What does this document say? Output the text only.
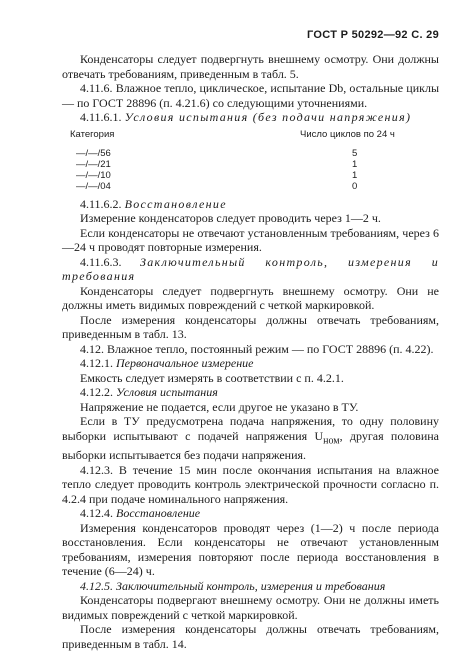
ГОСТ Р 50292—92 С. 29

Конденсаторы следует подвергнуть внешнему осмотру. Они должны отвечать требованиям, приведенным в табл. 5.

4.11.6. Влажное тепло, циклическое, испытание Db, остальные циклы — по ГОСТ 28896 (п. 4.21.6) со следующими уточнениями.

4.11.6.1. Условия испытания (без подачи напряжения)

Категория	Число циклов по 24 ч
—/—/56	5
—/—/21	1
—/—/10	1
—/—/04	0

4.11.6.2. Восстановление

Измерение конденсаторов следует проводить через 1—2 ч.

Если конденсаторы не отвечают установленным требованиям, через 6—24 ч проводят повторные измерения.

4.11.6.3. Заключительный контроль, измерения и требования

Конденсаторы следует подвергнуть внешнему осмотру. Они не должны иметь видимых повреждений с четкой маркировкой.

После измерения конденсаторы должны отвечать требованиям, приведенным в табл. 13.

4.12. Влажное тепло, постоянный режим — по ГОСТ 28896 (п. 4.22).

4.12.1. Первоначальное измерение

Емкость следует измерять в соответствии с п. 4.2.1.

4.12.2. Условия испытания

Напряжение не подается, если другое не указано в ТУ.

Если в ТУ предусмотрена подача напряжения, то одну половину выборки испытывают с подачей напряжения $U_{ном}$, другая половина выборки испытывается без подачи напряжения.

4.12.3. В течение 15 мин после окончания испытания на влажное тепло следует проводить контроль электрической прочности согласно п. 4.2.4 при подаче номинального напряжения.

4.12.4. Восстановление

Измерения конденсаторов проводят через (1—2) ч после периода восстановления. Если конденсаторы не отвечают установленным требованиям, измерения повторяют после периода восстановления в течение (6—24) ч.

4.12.5. Заключительный контроль, измерения и требования

Конденсаторы подвергают внешнему осмотру. Они не должны иметь видимых повреждений с четкой маркировкой.

После измерения конденсаторы должны отвечать требованиям, приведенным в табл. 14.
